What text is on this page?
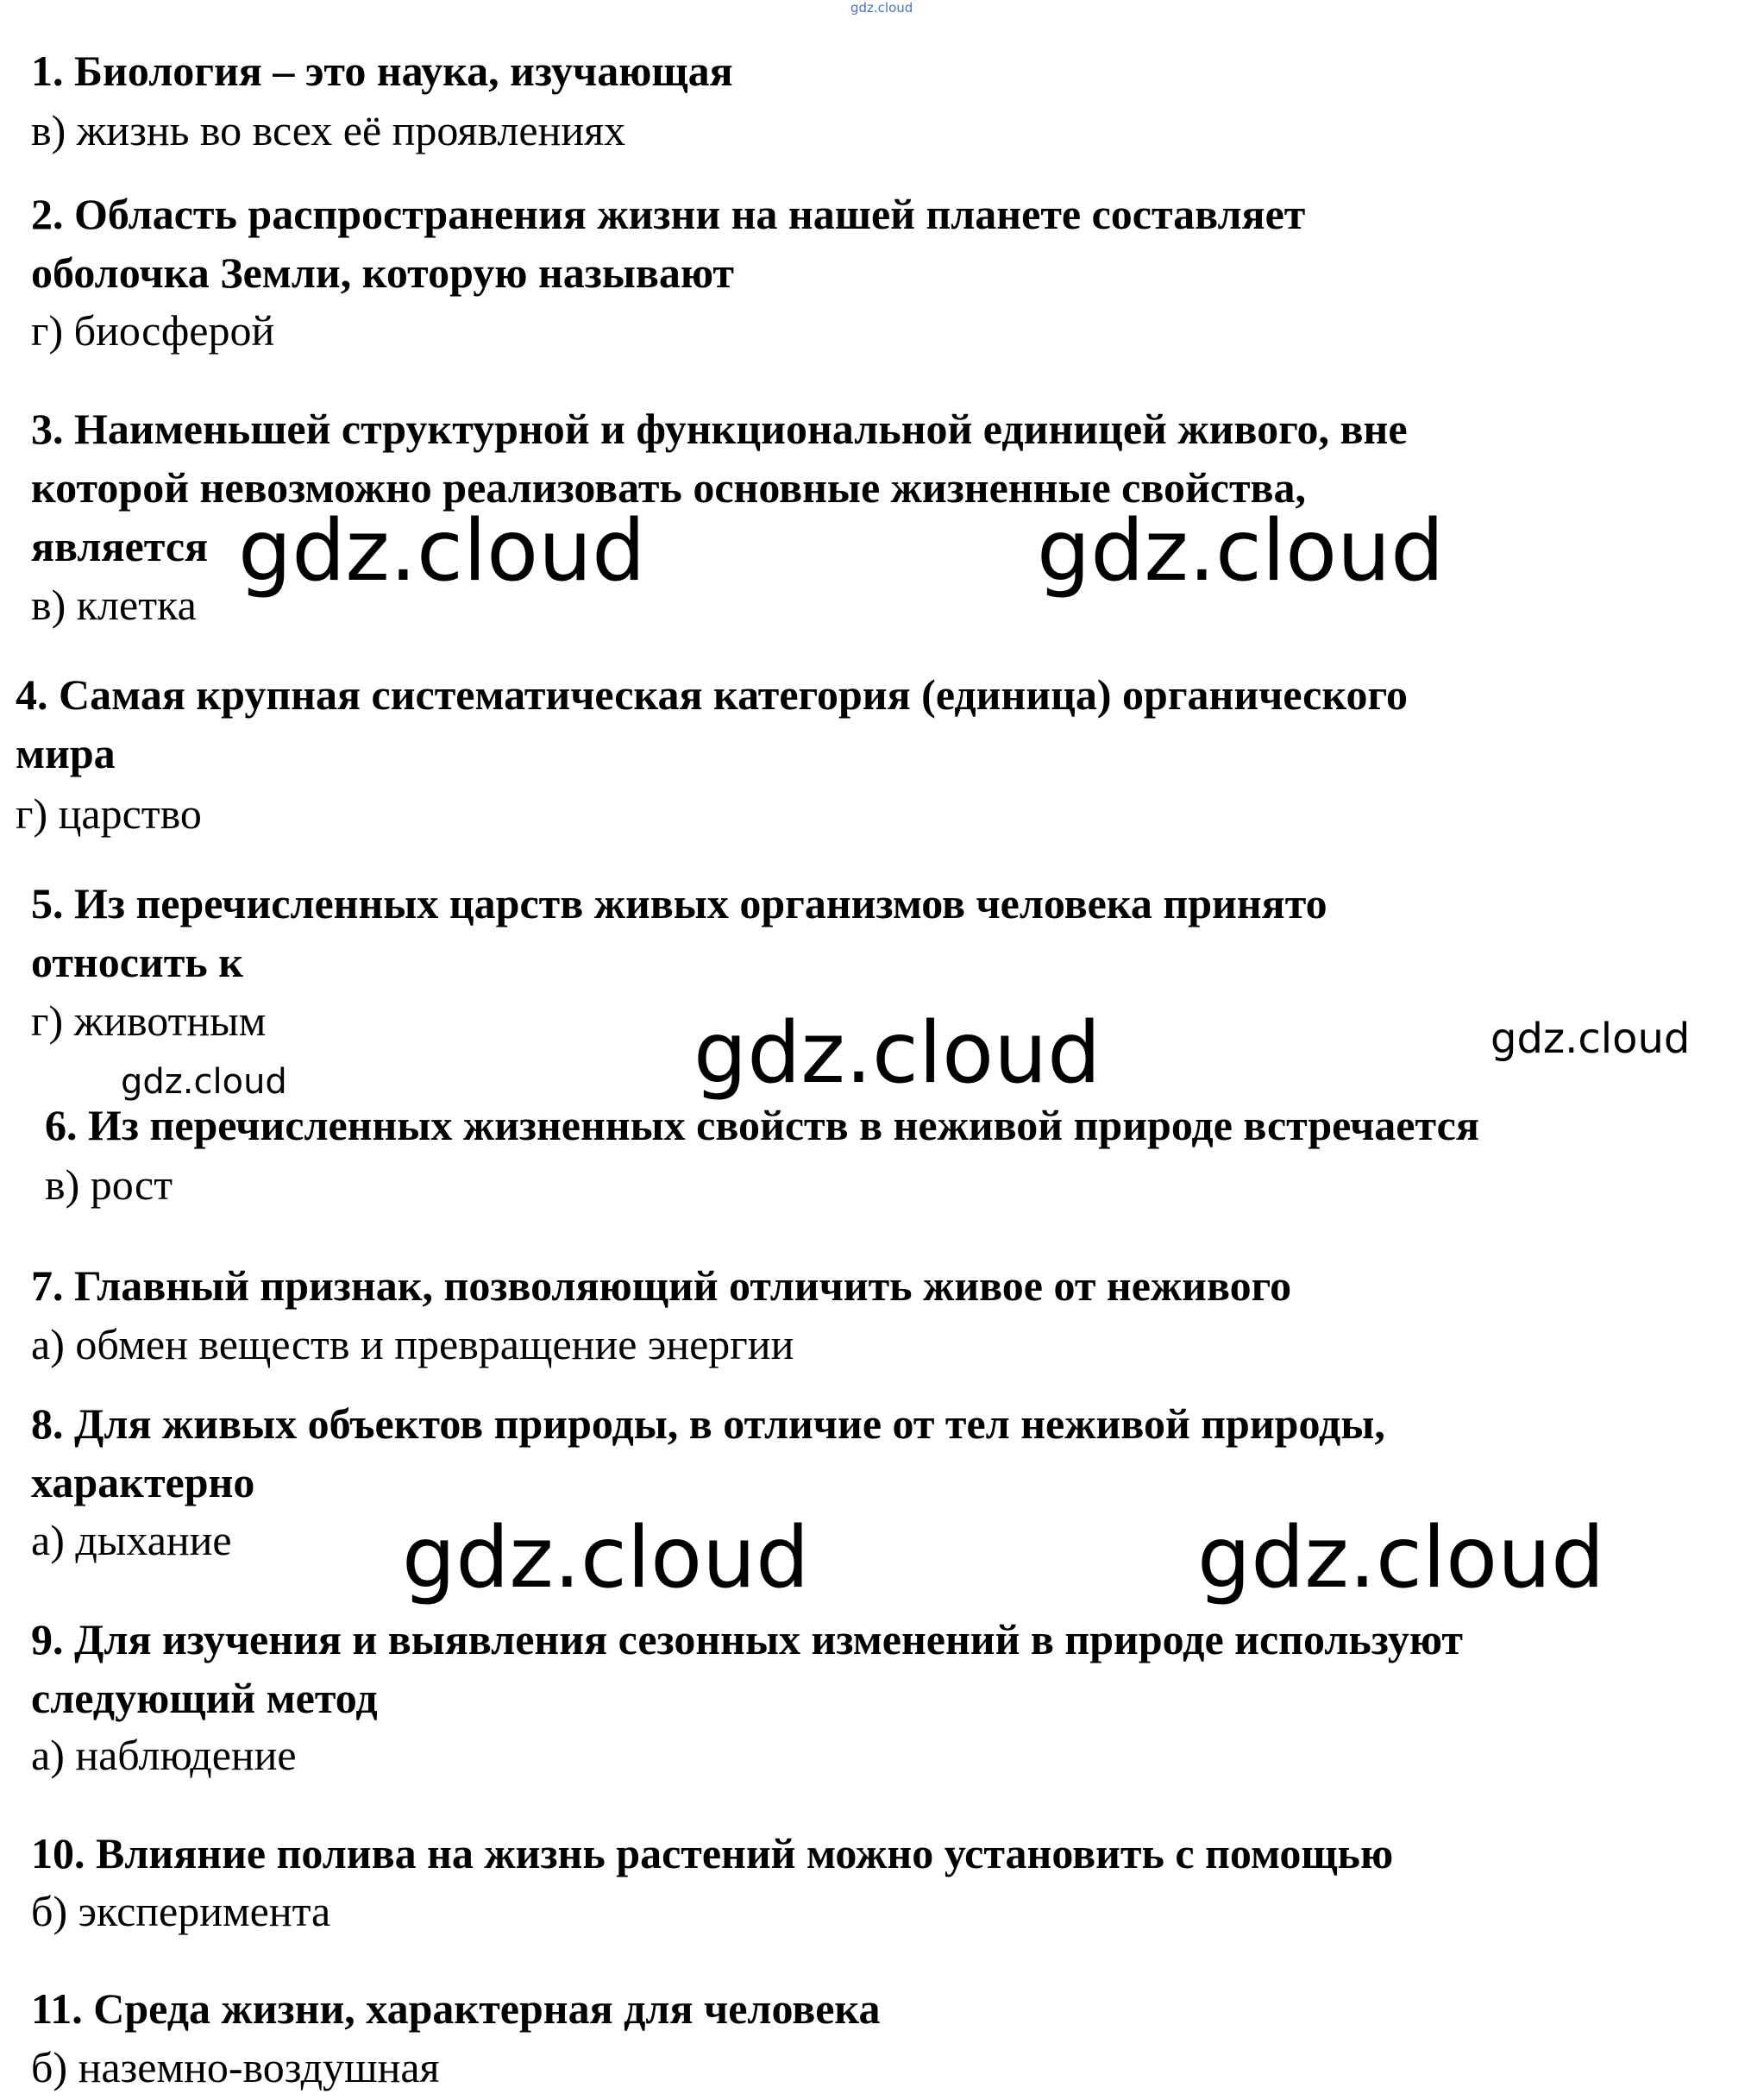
gdz.cloud

1. Биология – это наука, изучающая

в) жизнь во всех её проявлениях

2. Область распространения жизни на нашей планете составляет
оболочка Земли, которую называют

г) биосферой

3. Наименьшей структурной и функциональной единицей живого, вне
которой невозможно реализовать основные жизненные свойства,
является

в) клетка

4. Самая крупная систематическая категория (единица) органического
мира

г) царство

5. Из перечисленных царств живых организмов человека принято
относить к

г) животным

6. Из перечисленных жизненных свойств в неживой природе встречается

в) рост

7. Главный признак, позволяющий отличить живое от неживого

а) обмен веществ и превращение энергии

8. Для живых объектов природы, в отличие от тел неживой природы,
характерно

а) дыхание

9. Для изучения и выявления сезонных изменений в природе используют
следующий метод

а) наблюдение

10. Влияние полива на жизнь растений можно установить с помощью

б) эксперимента

11. Среда жизни, характерная для человека

б) наземно-воздушная

gdz.cloud	gdz.cloud
gdz.cloud	gdz.cloud
gdz.cloud
gdz.cloud	gdz.cloud
